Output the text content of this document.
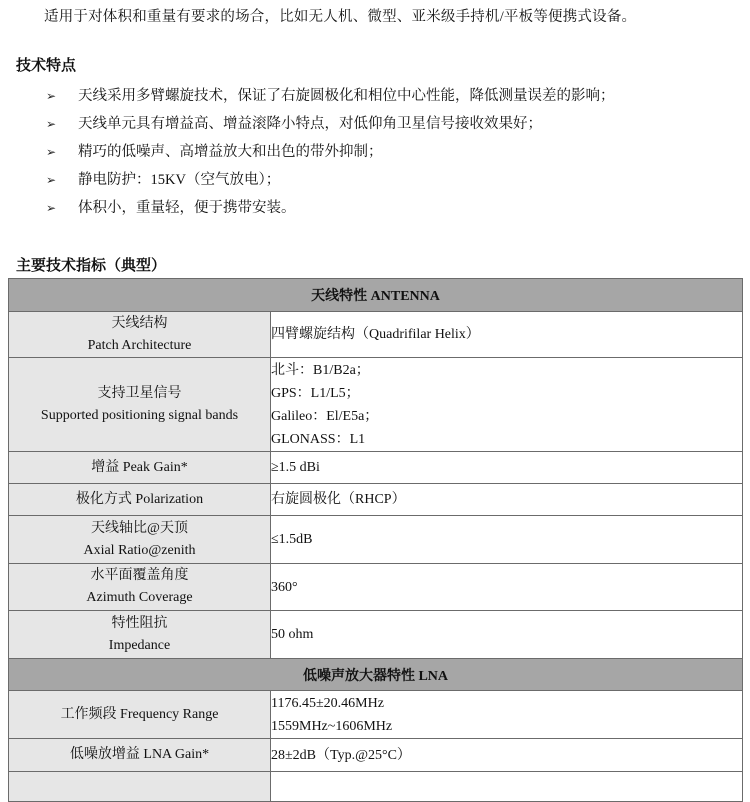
适用于对体积和重量有要求的场合，比如无人机、微型、亚米级手持机/平板等便携式设备。
技术特点
➢	天线采用多臂螺旋技术，保证了右旋圆极化和相位中心性能，降低测量误差的影响；
➢	天线单元具有增益高、增益滚降小特点，对低仰角卫星信号接收效果好；
➢	精巧的低噪声、高增益放大和出色的带外抑制；
➢	静电防护：15KV（空气放电）；
➢	体积小，重量轻，便于携带安装。
主要技术指标（典型）
天线特性 ANTENNA	

天线结构
Patch Architecture	四臂螺旋结构（Quadrifilar Helix）

支持卫星信号
Supported positioning signal bands	北斗：B1/B2a；
GPS：L1/L5；
Galileo：El/E5a；
GLONASS：L1

增益 Peak Gain*	≥1.5 dBi

极化方式 Polarization	右旋圆极化（RHCP）

天线轴比@天顶
Axial Ratio@zenith	≤1.5dB

水平面覆盖角度
Azimuth Coverage	360°

特性阻抗
Impedance	50 ohm

低噪声放大器特性 LNA	

工作频段 Frequency Range	1176.45±20.46MHz
1559MHz~1606MHz

低噪放增益 LNA Gain*	28±2dB（Typ.@25°C）
